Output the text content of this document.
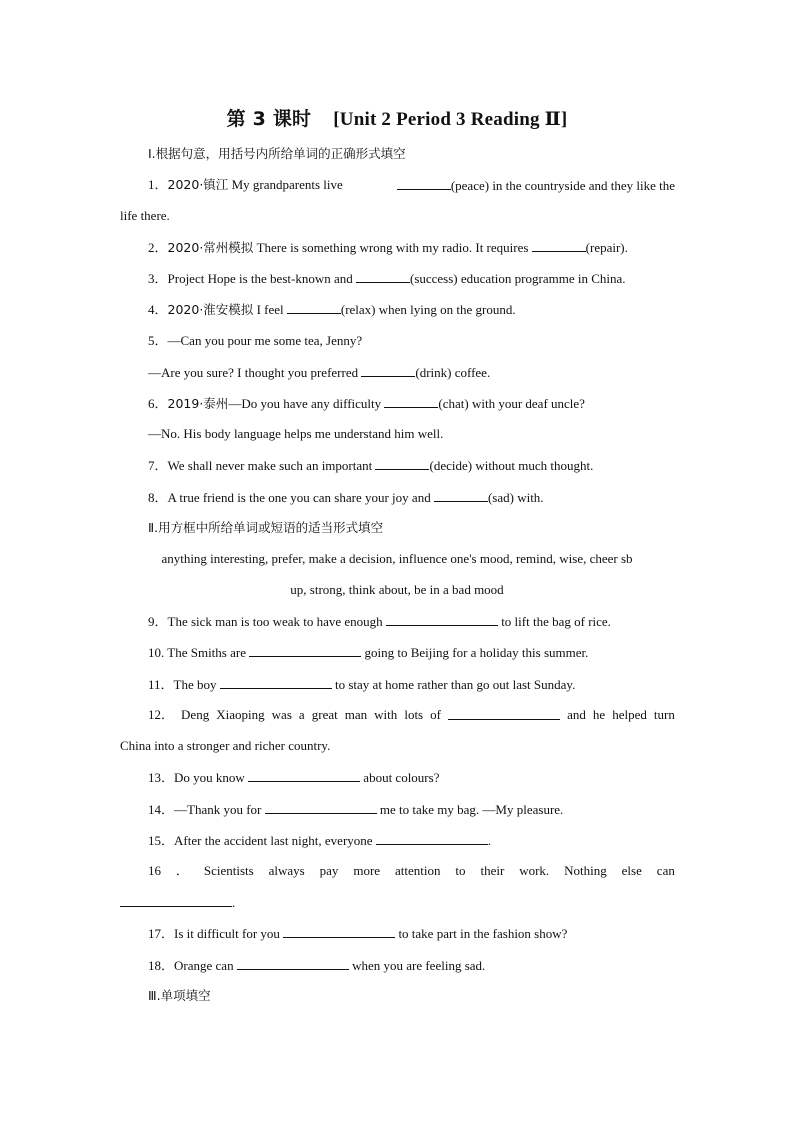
第 3 课时 [Unit 2 Period 3 Reading Ⅱ]
Ⅰ.根据句意，用括号内所给单词的正确形式填空
1．2020·镇江 My grandparents live	(peace) in the countryside and they like the
life there.
2．2020·常州模拟 There is something wrong with my radio. It requires	(repair).
3．Project Hope is the best-known and	(success) education programme in China.
4．2020·淮安模拟 I feel	(relax) when lying on the ground.
5．—Can you pour me some tea, Jenny?
—Are you sure? I thought you preferred	(drink) coffee.
6．2019·泰州—Do you have any difficulty	(chat) with your deaf uncle?
—No. His body language helps me understand him well.
7．We shall never make such an important	(decide) without much thought.
8．A true friend is the one you can share your joy and	(sad) with.
Ⅱ.用方框中所给单词或短语的适当形式填空
anything interesting, prefer, make a decision, influence one's mood, remind, wise, cheer sb
up, strong, think about, be in a bad mood
9．The sick man is too weak to have enough	to lift the bag of rice.
10. The Smiths are	going to Beijing for a holiday this summer.
11．The boy	to stay at home rather than go out last Sunday.
12． Deng Xiaoping was a great man with lots of	and he helped turn
China into a stronger and richer country.
13．Do you know	about colours?
14．—Thank you for	me to take my bag. —My pleasure.
15．After the accident last night, everyone	.
16 ． Scientists always pay more attention to their work. Nothing else can
.
17．Is it difficult for you	to take part in the fashion show?
18．Orange can	when you are feeling sad.
Ⅲ.单项填空
